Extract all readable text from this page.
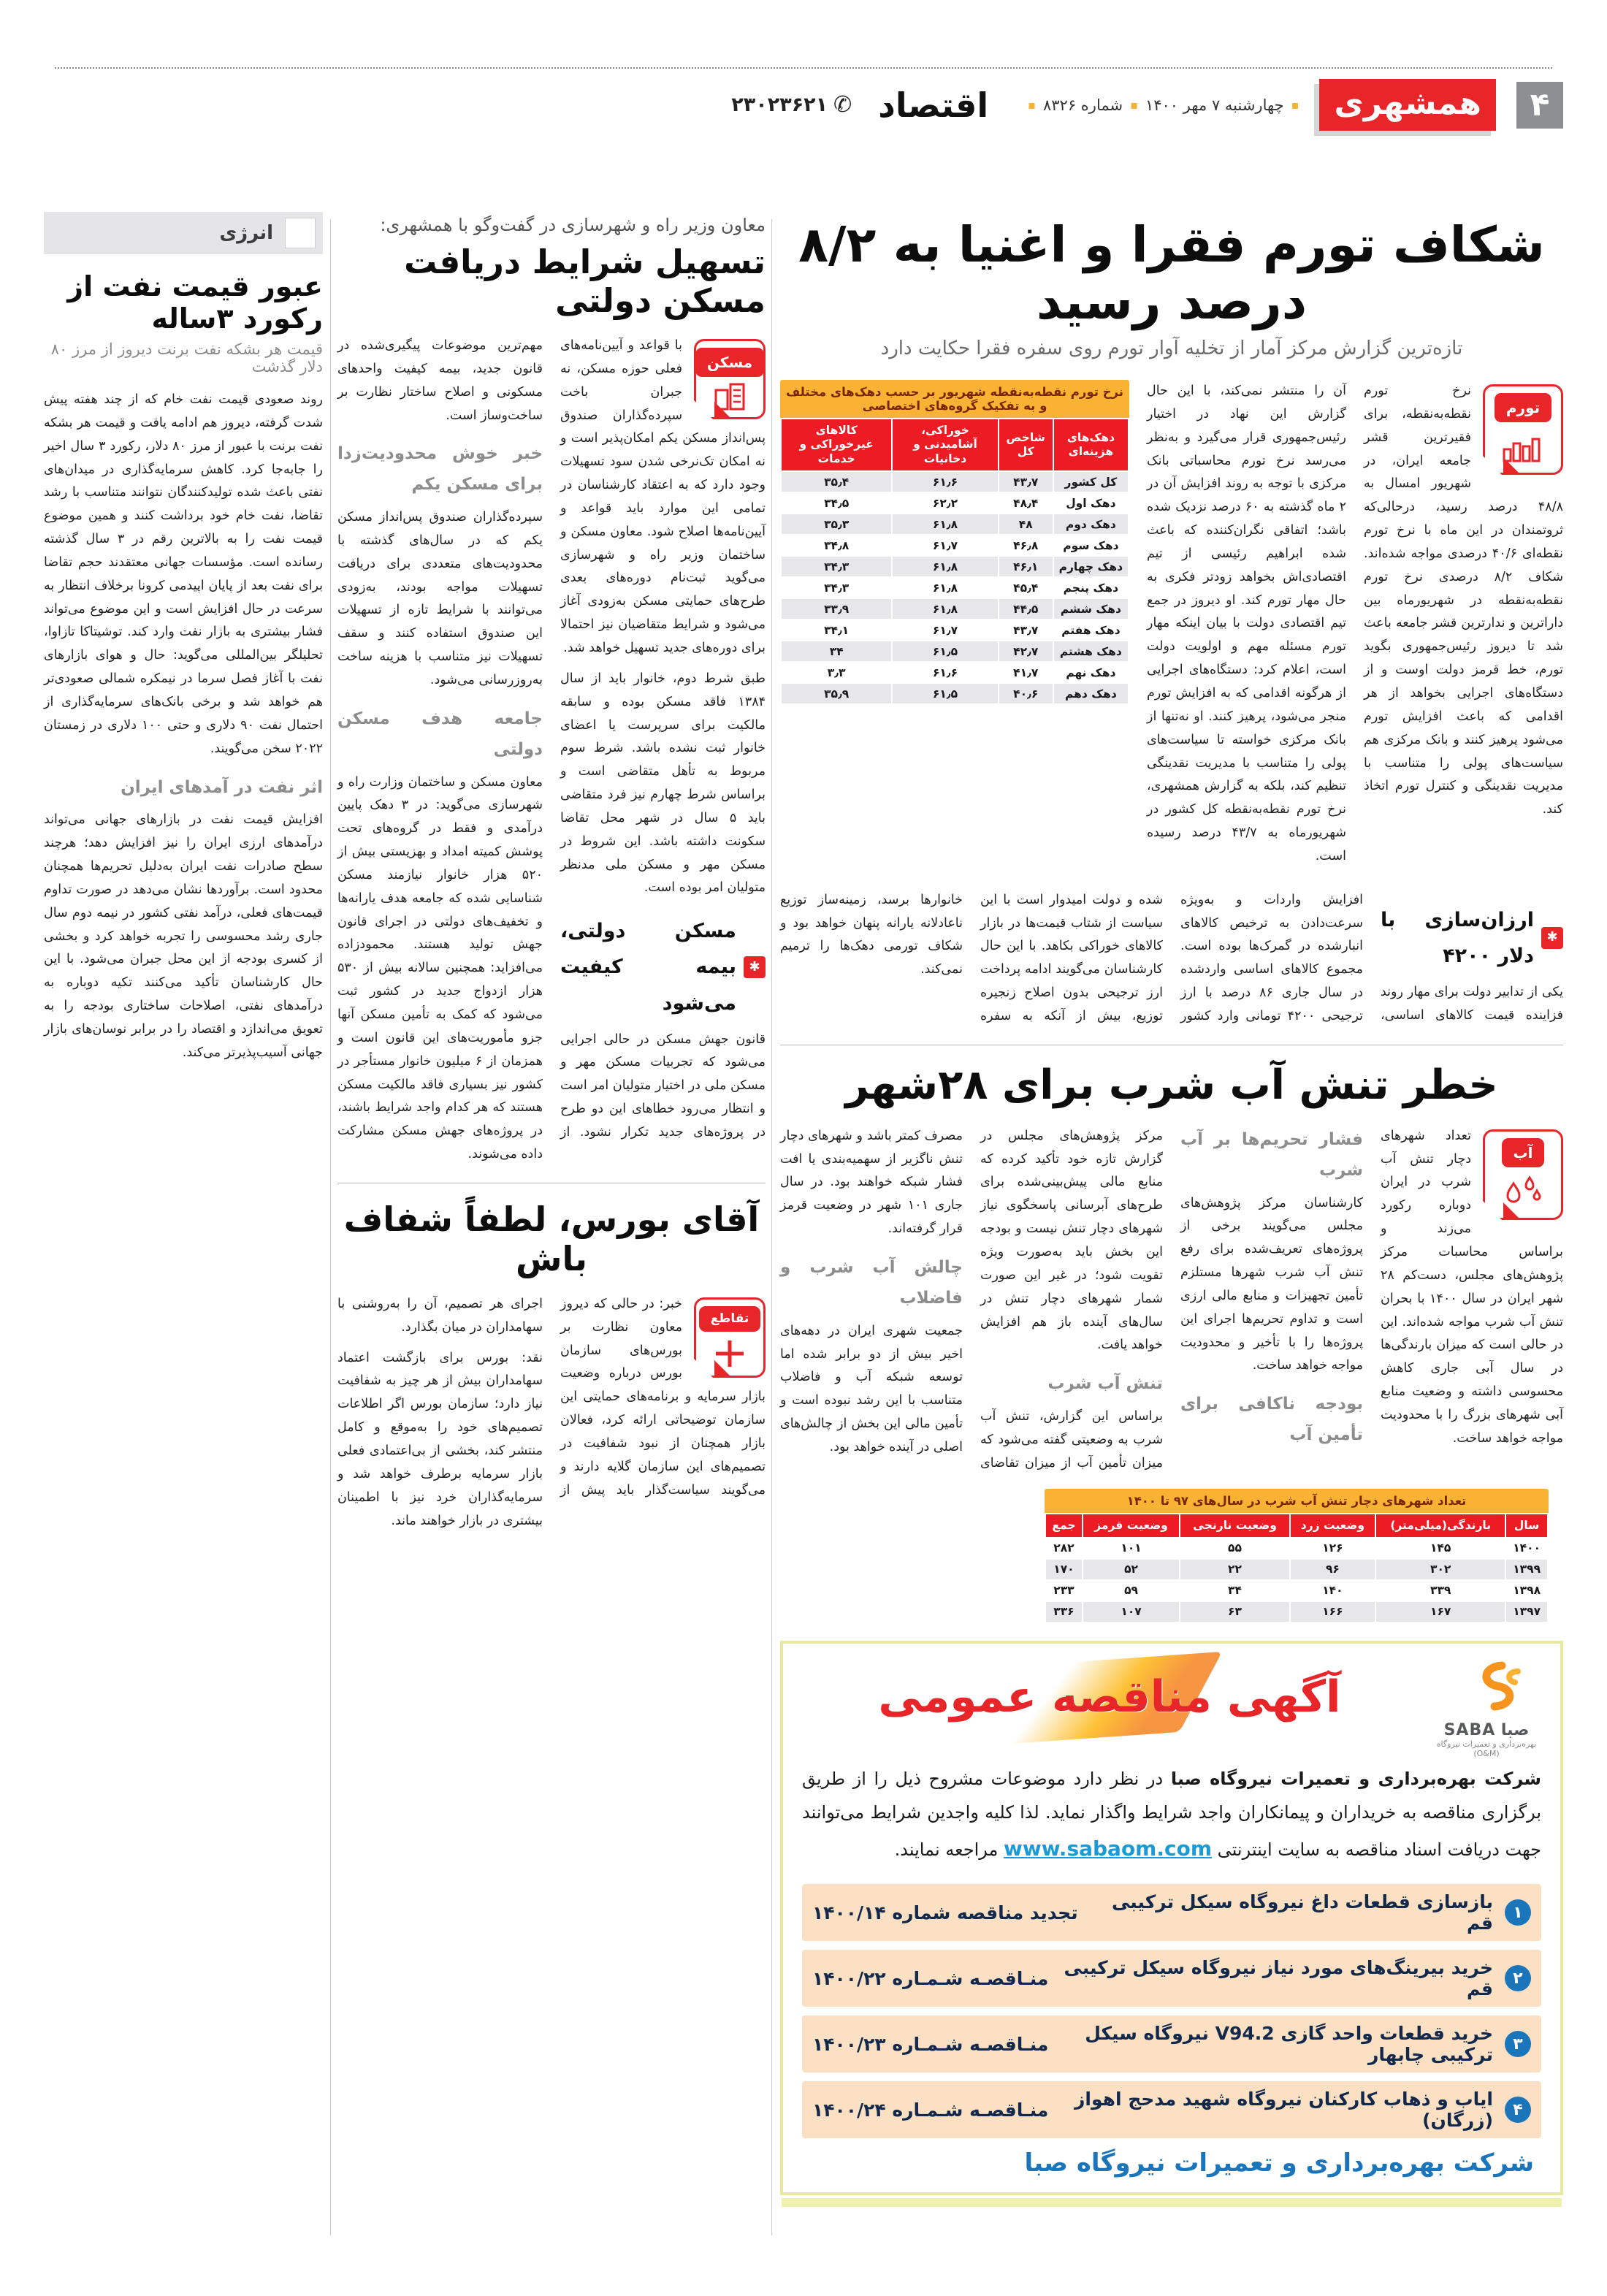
۴
همشهری
▪
چهارشنبه ۷ مهر ۱۴۰۰
▪
شماره ۸۳۲۶
▪
اقتصاد
✆
۲۳۰۲۳۶۲۱
شکاف تورم فقرا و اغنیا به ۸/۲ درصد رسید

تازه‌ترین گزارش مرکز آمار از تخلیه آوار تورم روی سفره فقرا حکایت دارد

تورم

نرخ تورم نقطه‌به‌نقطه، برای فقیرترین قشر جامعه ایران، در شهریور امسال به ۴۸/۸ درصد رسید، درحالی‌که ثروتمندان در این ماه با نرخ تورم نقطه‌ای ۴۰/۶ درصدی مواجه شده‌اند. شکاف ۸/۲ درصدی نرخ تورم نقطه‌به‌نقطه در شهریورماه بین داراترین و ندارترین قشر جامعه باعث شد تا دیروز رئیس‌جمهوری بگوید تورم، خط قرمز دولت اوست و از دستگاه‌های اجرایی بخواهد از هر اقدامی که باعث افزایش تورم می‌شود پرهیز کنند و بانک مرکزی هم سیاست‌های پولی را متناسب با مدیریت نقدینگی و کنترل تورم اتخاذ کند.

آن را منتشر نمی‌کند، با این حال گزارش این نهاد در اختیار رئیس‌جمهوری قرار می‌گیرد و به‌نظر می‌رسد نرخ تورم محاسباتی بانک مرکزی با توجه به روند افزایش آن در ۲ ماه گذشته به ۶۰ درصد نزدیک شده باشد؛ اتفاقی نگران‌کننده که باعث شده ابراهیم رئیسی از تیم اقتصادی‌اش بخواهد زودتر فکری به حال مهار تورم کند. او دیروز در جمع تیم اقتصادی دولت با بیان اینکه مهار تورم مسئله مهم و اولویت دولت است، اعلام کرد: دستگاه‌های اجرایی از هرگونه اقدامی که به افزایش تورم منجر می‌شود، پرهیز کنند. او نه‌تنها از بانک مرکزی خواسته تا سیاست‌های پولی را متناسب با مدیریت نقدینگی تنظیم کند، بلکه به گزارش همشهری، نرخ تورم نقطه‌به‌نقطه کل کشور در شهریورماه به ۴۳/۷ درصد رسیده است.

نرخ تورم نقطه‌به‌نقطه شهریور بر حسب دهک‌های مختلف و به تفکیک گروه‌های اختصاصی
دهک‌های هزینه‌ای	شاخص کل	خوراکی، آشامیدنی و دخانیات	کالاهای غیرخوراکی و خدمات
کل کشور	۴۳٫۷	۶۱٫۶	۳۵٫۴
دهک اول	۴۸٫۴	۶۲٫۲	۳۴٫۵
دهک دوم	۴۸	۶۱٫۸	۳۵٫۳
دهک سوم	۴۶٫۸	۶۱٫۷	۳۴٫۸
دهک چهارم	۴۶٫۱	۶۱٫۸	۳۴٫۳
دهک پنجم	۴۵٫۴	۶۱٫۸	۳۴٫۳
دهک ششم	۴۴٫۵	۶۱٫۸	۳۳٫۹
دهک هفتم	۴۳٫۷	۶۱٫۷	۳۴٫۱
دهک هشتم	۴۲٫۷	۶۱٫۵	۳۴
دهک نهم	۴۱٫۷	۶۱٫۶	۳٫۳
دهک دهم	۴۰٫۶	۶۱٫۵	۳۵٫۹
✱
ارزان‌سازی با دلار ۴۲۰۰

یکی از تدابیر دولت برای مهار روند فزاینده قیمت کالاهای اساسی، افزایش واردات و به‌ویژه سرعت‌دادن به ترخیص کالاهای انبارشده در گمرک‌ها بوده است. مجموع کالاهای اساسی واردشده در سال جاری ۸۶ درصد با ارز ترجیحی ۴۲۰۰ تومانی وارد کشور شده و دولت امیدوار است با این سیاست از شتاب قیمت‌ها در بازار کالاهای خوراکی بکاهد. با این حال کارشناسان می‌گویند ادامه پرداخت ارز ترجیحی بدون اصلاح زنجیره توزیع، بیش از آنکه به سفره خانوارها برسد، زمینه‌ساز توزیع ناعادلانه یارانه پنهان خواهد بود و شکاف تورمی دهک‌ها را ترمیم نمی‌کند.

خطر تنش آب شرب برای ۲۸شهر
آب

تعداد شهرهای دچار تنش آب شرب در ایران دوباره رکورد می‌زند و براساس محاسبات مرکز پژوهش‌های مجلس، دست‌کم ۲۸ شهر ایران در سال ۱۴۰۰ با بحران تنش آب شرب مواجه شده‌اند. این در حالی است که میزان بارندگی‌ها در سال آبی جاری کاهش محسوسی داشته و وضعیت منابع آبی شهرهای بزرگ را با محدودیت مواجه خواهد ساخت.

فشار تحریم‌ها بر آب شرب

کارشناسان مرکز پژوهش‌های مجلس می‌گویند برخی از پروژه‌های تعریف‌شده برای رفع تنش آب شرب شهرها مستلزم تأمین تجهیزات و منابع مالی ارزی است و تداوم تحریم‌ها اجرای این پروژه‌ها را با تأخیر و محدودیت مواجه خواهد ساخت.

بودجه ناکافی برای تأمین آب

مرکز پژوهش‌های مجلس در گزارش تازه خود تأکید کرده که منابع مالی پیش‌بینی‌شده برای طرح‌های آبرسانی پاسخگوی نیاز شهرهای دچار تنش نیست و بودجه این بخش باید به‌صورت ویژه تقویت شود؛ در غیر این صورت شمار شهرهای دچار تنش در سال‌های آینده باز هم افزایش خواهد یافت.

تنش آب شرب

براساس این گزارش، تنش آب شرب به وضعیتی گفته می‌شود که میزان تأمین آب از میزان تقاضای مصرف کمتر باشد و شهرهای دچار تنش ناگزیر از سهمیه‌بندی یا افت فشار شبکه خواهند بود. در سال جاری ۱۰۱ شهر در وضعیت قرمز قرار گرفته‌اند.

چالش آب شرب و فاضلاب

جمعیت شهری ایران در دهه‌های اخیر بیش از دو برابر شده اما توسعه شبکه آب و فاضلاب متناسب با این رشد نبوده است و تأمین مالی این بخش از چالش‌های اصلی در آینده خواهد بود.

تعداد شهرهای دچار تنش آب شرب در سال‌های ۹۷ تا ۱۴۰۰
سال	بارندگی(میلی‌متر)	وضعیت زرد	وضعیت نارنجی	وضعیت قرمز	جمع
۱۴۰۰	۱۴۵	۱۲۶	۵۵	۱۰۱	۲۸۲
۱۳۹۹	۳۰۲	۹۶	۲۲	۵۲	۱۷۰
۱۳۹۸	۳۳۹	۱۴۰	۳۴	۵۹	۲۳۳
۱۳۹۷	۱۶۷	۱۶۶	۶۳	۱۰۷	۳۳۶
صبا SABA
بهره‌برداری و تعمیرات نیروگاه (O&M)
آگهی مناقصه عمومی

شرکت بهره‌برداری و تعمیرات نیروگاه صبا در نظر دارد موضوعات مشروح ذیل را از طریق برگزاری مناقصه به خریداران و پیمانکاران واجد شرایط واگذار نماید. لذا کلیه واجدین شرایط می‌توانند جهت دریافت اسناد مناقصه به سایت اینترنتی www.sabaom.com مراجعه نمایند.

۱
بازسازی قطعات داغ نیروگاه سیکل ترکیبی قم
تجدید مناقصه شماره ۱۴۰۰/۱۴
۲
خرید بیرینگ‌های مورد نیاز نیروگاه سیکل ترکیبی قم
منـاقصـه شـمـاره ۱۴۰۰/۲۲
۳
خرید قطعات واحد گازی V94.2 نیروگاه سیکل ترکیبی چابهار
منـاقصـه شـمـاره ۱۴۰۰/۲۳
۴
ایاب و ذهاب کارکنان نیروگاه شهید مدحج اهواز (زرگان)
منـاقصـه شـمـاره ۱۴۰۰/۲۴
شرکت بهره‌برداری و تعمیرات نیروگاه صبا

معاون وزیر راه و شهرسازی در گفت‌وگو با همشهری:

تسهیل شرایط دریافت مسکن دولتی
مسکن

با قواعد و آیین‌نامه‌های فعلی حوزه مسکن، نه جبران باخت سپرده‌گذاران صندوق پس‌انداز مسکن یکم امکان‌پذیر است و نه امکان تک‌نرخی شدن سود تسهیلات وجود دارد که به اعتقاد کارشناسان در تمامی این موارد باید قواعد و آیین‌نامه‌ها اصلاح شود. معاون مسکن و ساختمان وزیر راه و شهرسازی می‌گوید ثبت‌نام دوره‌های بعدی طرح‌های حمایتی مسکن به‌زودی آغاز می‌شود و شرایط متقاضیان نیز احتمالا برای دوره‌های جدید تسهیل خواهد شد.

طبق شرط دوم، خانوار باید از سال ۱۳۸۴ فاقد مسکن بوده و سابقه مالکیت برای سرپرست یا اعضای خانوار ثبت نشده باشد. شرط سوم مربوط به تأهل متقاضی است و براساس شرط چهارم نیز فرد متقاضی باید ۵ سال در شهر محل تقاضا سکونت داشته باشد. این شروط در مسکن مهر و مسکن ملی مدنظر متولیان امر بوده است.

✱
مسکن دولتی، بیمه کیفیت می‌شود

قانون جهش مسکن در حالی اجرایی می‌شود که تجربیات مسکن مهر و مسکن ملی در اختیار متولیان امر است و انتظار می‌رود خطاهای این دو طرح در پروژه‌های جدید تکرار نشود. از مهم‌ترین موضوعات پیگیری‌شده در قانون جدید، بیمه کیفیت واحدهای مسکونی و اصلاح ساختار نظارت بر ساخت‌وساز است.

خبر خوش محدودیت‌زدا برای مسکن یکم

سپرده‌گذاران صندوق پس‌انداز مسکن یکم که در سال‌های گذشته با محدودیت‌های متعددی برای دریافت تسهیلات مواجه بودند، به‌زودی می‌توانند با شرایط تازه از تسهیلات این صندوق استفاده کنند و سقف تسهیلات نیز متناسب با هزینه ساخت به‌روزرسانی می‌شود.

جامعه هدف مسکن دولتی

معاون مسکن و ساختمان وزارت راه و شهرسازی می‌گوید: در ۳ دهک پایین درآمدی و فقط در گروه‌های تحت پوشش کمیته امداد و بهزیستی بیش از ۵۲۰ هزار خانوار نیازمند مسکن شناسایی شده که جامعه هدف یارانه‌ها و تخفیف‌های دولتی در اجرای قانون جهش تولید هستند. محمودزاده می‌افزاید: همچنین سالانه بیش از ۵۳۰ هزار ازدواج جدید در کشور ثبت می‌شود که کمک به تأمین مسکن آنها جزو مأموریت‌های این قانون است و همزمان از ۶ میلیون خانوار مستأجر در کشور نیز بسیاری فاقد مالکیت مسکن هستند که هر کدام واجد شرایط باشند، در پروژه‌های جهش مسکن مشارکت داده می‌شوند.

آقای بورس، لطفاً شفاف باش
تقاطع

خبر: در حالی که دیروز معاون نظارت بر بورس‌های سازمان بورس درباره وضعیت بازار سرمایه و برنامه‌های حمایتی این سازمان توضیحاتی ارائه کرد، فعالان بازار همچنان از نبود شفافیت در تصمیم‌های این سازمان گلایه دارند و می‌گویند سیاست‌گذار باید پیش از اجرای هر تصمیم، آن را به‌روشنی با سهامداران در میان بگذارد.

نقد: بورس برای بازگشت اعتماد سهامداران بیش از هر چیز به شفافیت نیاز دارد؛ سازمان بورس اگر اطلاعات تصمیم‌های خود را به‌موقع و کامل منتشر کند، بخشی از بی‌اعتمادی فعلی بازار سرمایه برطرف خواهد شد و سرمایه‌گذاران خرد نیز با اطمینان بیشتری در بازار خواهند ماند.

انرژی
عبور قیمت نفت از رکورد ۳ساله

قیمت هر بشکه نفت برنت دیروز از مرز ۸۰ دلار گذشت

روند صعودی قیمت نفت خام که از چند هفته پیش شدت گرفته، دیروز هم ادامه یافت و قیمت هر بشکه نفت برنت با عبور از مرز ۸۰ دلار، رکورد ۳ سال اخیر را جابه‌جا کرد. کاهش سرمایه‌گذاری در میدان‌های نفتی باعث شده تولیدکنندگان نتوانند متناسب با رشد تقاضا، نفت خام خود برداشت کنند و همین موضوع قیمت نفت را به بالاترین رقم در ۳ سال گذشته رسانده است. مؤسسات جهانی معتقدند حجم تقاضا برای نفت بعد از پایان اپیدمی کرونا برخلاف انتظار به سرعت در حال افزایش است و این موضوع می‌تواند فشار بیشتری به بازار نفت وارد کند. توشیتاکا تازاوا، تحلیلگر بین‌المللی می‌گوید: حال و هوای بازارهای نفت با آغاز فصل سرما در نیمکره شمالی صعودی‌تر هم خواهد شد و برخی بانک‌های سرمایه‌گذاری از احتمال نفت ۹۰ دلاری و حتی ۱۰۰ دلاری در زمستان ۲۰۲۲ سخن می‌گویند.

اثر نفت در آمدهای ایران

افزایش قیمت نفت در بازارهای جهانی می‌تواند درآمدهای ارزی ایران را نیز افزایش دهد؛ هرچند سطح صادرات نفت ایران به‌دلیل تحریم‌ها همچنان محدود است. برآوردها نشان می‌دهد در صورت تداوم قیمت‌های فعلی، درآمد نفتی کشور در نیمه دوم سال جاری رشد محسوسی را تجربه خواهد کرد و بخشی از کسری بودجه از این محل جبران می‌شود. با این حال کارشناسان تأکید می‌کنند تکیه دوباره به درآمدهای نفتی، اصلاحات ساختاری بودجه را به تعویق می‌اندازد و اقتصاد را در برابر نوسان‌های بازار جهانی آسیب‌پذیرتر می‌کند.
